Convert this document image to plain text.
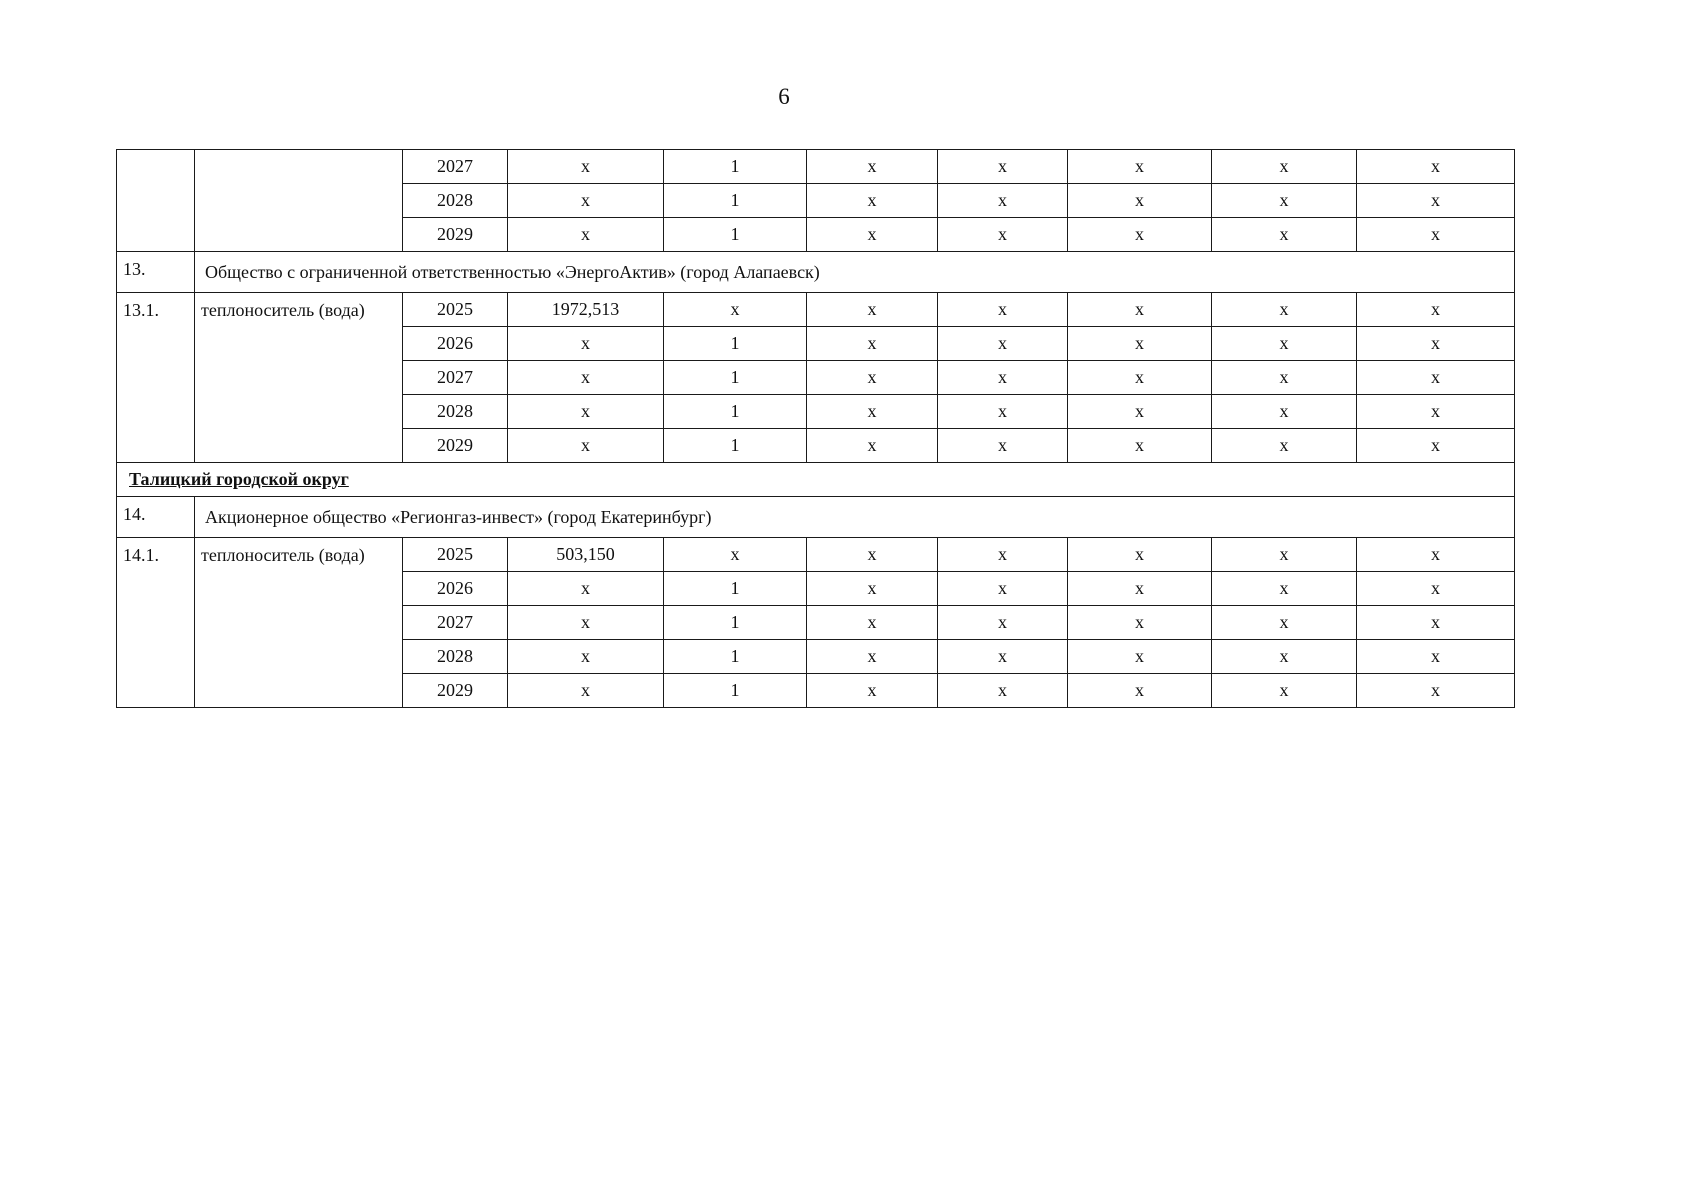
6
		2027	x	1	x	x	x	x	x
		2028	x	1	x	x	x	x	x
		2029	x	1	x	x	x	x	x
13.	Общество с ограниченной ответственностью «ЭнергоАктив» (город Алапаевск)								
13.1.	теплоноситель (вода)	2025	1972,513	x	x	x	x	x	x
		2026	x	1	x	x	x	x	x
		2027	x	1	x	x	x	x	x
		2028	x	1	x	x	x	x	x
		2029	x	1	x	x	x	x	x
Талицкий городской округ									
14.	Акционерное общество «Регионгаз-инвест» (город Екатеринбург)								
14.1.	теплоноситель (вода)	2025	503,150	x	x	x	x	x	x
		2026	x	1	x	x	x	x	x
		2027	x	1	x	x	x	x	x
		2028	x	1	x	x	x	x	x
		2029	x	1	x	x	x	x	x
